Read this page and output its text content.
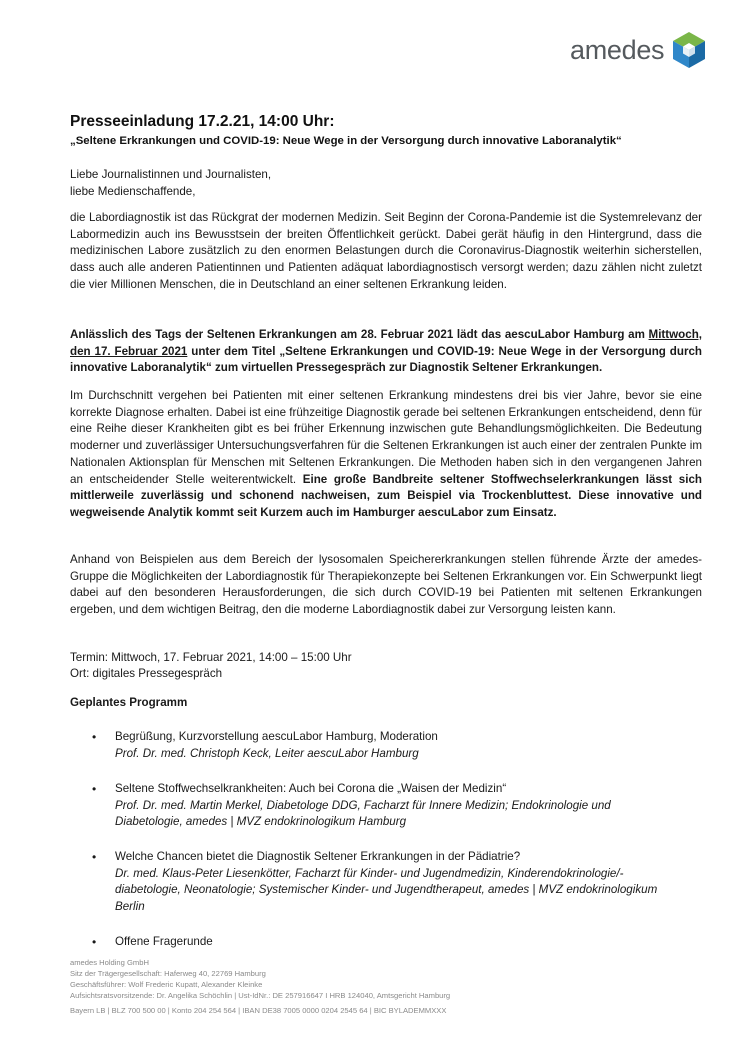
amedes
Presseeinladung 17.2.21, 14:00 Uhr:
„Seltene Erkrankungen und COVID-19: Neue Wege in der Versorgung durch innovative Laboranalytik“
Liebe Journalistinnen und Journalisten,
liebe Medienschaffende,

die Labordiagnostik ist das Rückgrat der modernen Medizin. Seit Beginn der Corona-Pandemie ist die Systemrelevanz der Labormedizin auch ins Bewusstsein der breiten Öffentlichkeit gerückt. Dabei gerät häufig in den Hintergrund, dass die medizinischen Labore zusätzlich zu den enormen Belastungen durch die Coronavirus-Diagnostik weiterhin sicherstellen, dass auch alle anderen Patientinnen und Patienten adäquat labordiagnostisch versorgt werden; dazu zählen nicht zuletzt die vier Millionen Menschen, die in Deutschland an einer seltenen Erkrankung leiden.

Anlässlich des Tags der Seltenen Erkrankungen am 28. Februar 2021 lädt das aescuLabor Hamburg am Mittwoch, den 17. Februar 2021 unter dem Titel „Seltene Erkrankungen und COVID-19: Neue Wege in der Versorgung durch innovative Laboranalytik“ zum virtuellen Pressegespräch zur Diagnostik Seltener Erkrankungen.

Im Durchschnitt vergehen bei Patienten mit einer seltenen Erkrankung mindestens drei bis vier Jahre, bevor sie eine korrekte Diagnose erhalten. Dabei ist eine frühzeitige Diagnostik gerade bei seltenen Erkrankungen entscheidend, denn für eine Reihe dieser Krankheiten gibt es bei früher Erkennung inzwischen gute Behandlungsmöglichkeiten. Die Bedeutung moderner und zuverlässiger Untersuchungsverfahren für die Seltenen Erkrankungen ist auch einer der zentralen Punkte im Nationalen Aktionsplan für Menschen mit Seltenen Erkrankungen. Die Methoden haben sich in den vergangenen Jahren an entscheidender Stelle weiterentwickelt. Eine große Bandbreite seltener Stoffwechselerkrankungen lässt sich mittlerweile zuverlässig und schonend nachweisen, zum Beispiel via Trockenbluttest. Diese innovative und wegweisende Analytik kommt seit Kurzem auch im Hamburger aescuLabor zum Einsatz.

Anhand von Beispielen aus dem Bereich der lysosomalen Speichererkrankungen stellen führende Ärzte der amedes-Gruppe die Möglichkeiten der Labordiagnostik für Therapiekonzepte bei Seltenen Erkrankungen vor. Ein Schwerpunkt liegt dabei auf den besonderen Herausforderungen, die sich durch COVID-19 bei Patienten mit seltenen Erkrankungen ergeben, und dem wichtigen Beitrag, den die moderne Labordiagnostik dabei zur Versorgung leisten kann.

Termin: Mittwoch, 17. Februar 2021, 14:00 – 15:00 Uhr
Ort: digitales Pressegespräch
Geplantes Programm
•	Begrüßung, Kurzvorstellung aescuLabor Hamburg, Moderation
Prof. Dr. med. Christoph Keck, Leiter aescuLabor Hamburg
•	Seltene Stoffwechselkrankheiten: Auch bei Corona die „Waisen der Medizin“
Prof. Dr. med. Martin Merkel, Diabetologe DDG, Facharzt für Innere Medizin; Endokrinologie und Diabetologie, amedes | MVZ endokrinologikum Hamburg
•	Welche Chancen bietet die Diagnostik Seltener Erkrankungen in der Pädiatrie?
Dr. med. Klaus-Peter Liesenkötter, Facharzt für Kinder- und Jugendmedizin, Kinderendokrinologie/-diabetologie, Neonatologie; Systemischer Kinder- und Jugendtherapeut, amedes | MVZ endokrinologikum Berlin
•	Offene Fragerunde
amedes Holding GmbH
Sitz der Trägergesellschaft: Haferweg 40, 22769 Hamburg
Geschäftsführer: Wolf Frederic Kupatt, Alexander Kleinke
Aufsichtsratsvorsitzende: Dr. Angelika Schöchlin | Ust-IdNr.: DE 257916647 I HRB 124040, Amtsgericht Hamburg
Bayern LB | BLZ 700 500 00 | Konto 204 254 564 | IBAN DE38 7005 0000 0204 2545 64 | BIC BYLADEMMXXX
